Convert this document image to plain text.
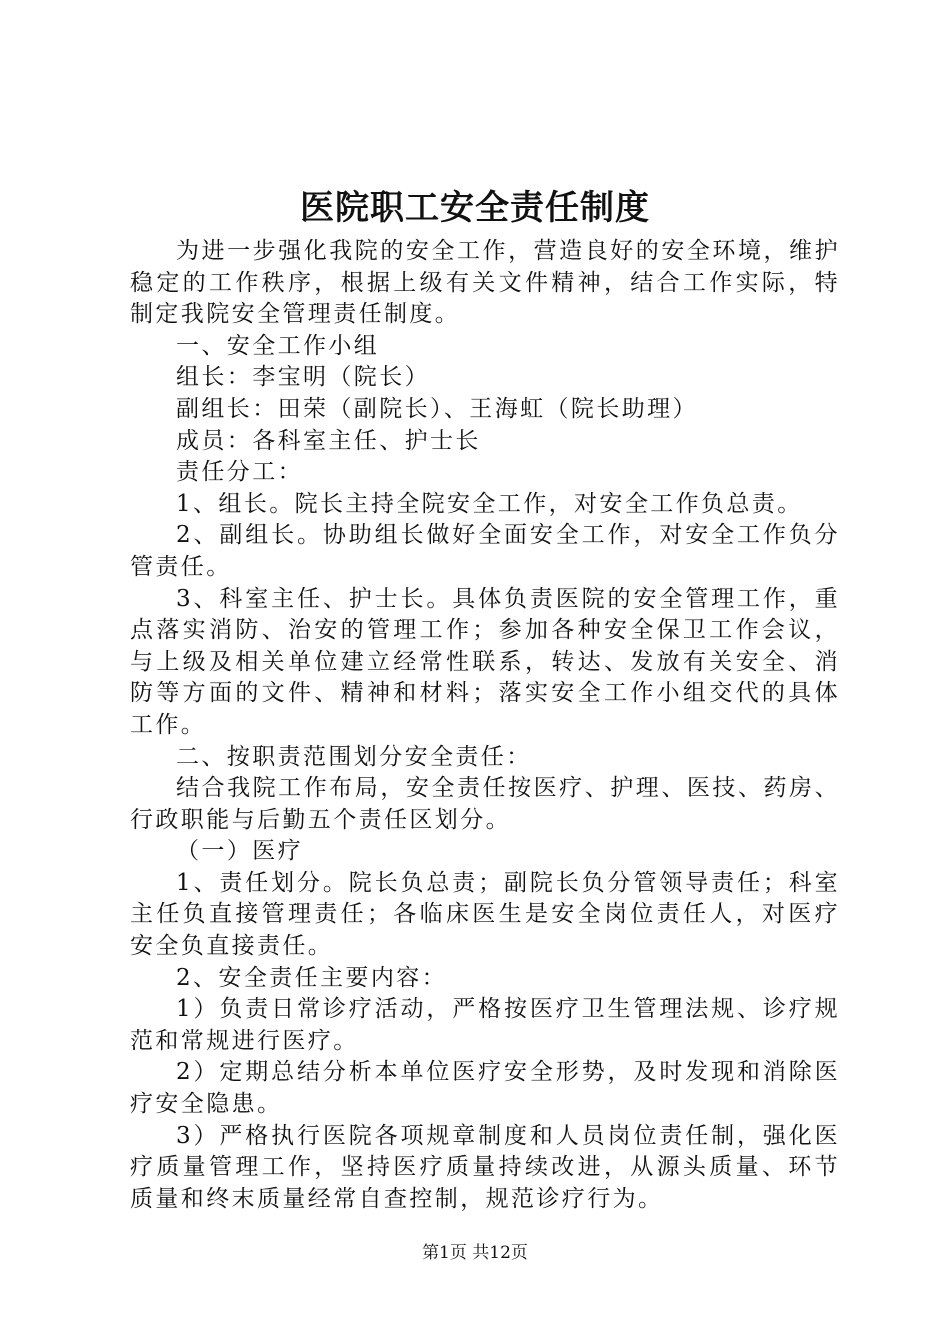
医院职工安全责任制度

为进一步强化我院的安全工作，营造良好的安全环境，维护稳定的工作秩序，根据上级有关文件精神，结合工作实际，特制定我院安全管理责任制度。

一、安全工作小组

组长：李宝明（院长）

副组长：田荣（副院长）、王海虹（院长助理）

成员：各科室主任、护士长

责任分工：

1、组长。院长主持全院安全工作，对安全工作负总责。

2、副组长。协助组长做好全面安全工作，对安全工作负分管责任。

3、科室主任、护士长。具体负责医院的安全管理工作，重点落实消防、治安的管理工作；参加各种安全保卫工作会议，与上级及相关单位建立经常性联系，转达、发放有关安全、消防等方面的文件、精神和材料；落实安全工作小组交代的具体工作。

二、按职责范围划分安全责任：

结合我院工作布局，安全责任按医疗、护理、医技、药房、行政职能与后勤五个责任区划分。

（一）医疗

1、责任划分。院长负总责；副院长负分管领导责任；科室主任负直接管理责任；各临床医生是安全岗位责任人，对医疗安全负直接责任。

2、安全责任主要内容：

1）负责日常诊疗活动，严格按医疗卫生管理法规、诊疗规范和常规进行医疗。

2）定期总结分析本单位医疗安全形势，及时发现和消除医疗安全隐患。

3）严格执行医院各项规章制度和人员岗位责任制，强化医疗质量管理工作，坚持医疗质量持续改进，从源头质量、环节质量和终末质量经常自查控制，规范诊疗行为。

第1页 共12页
